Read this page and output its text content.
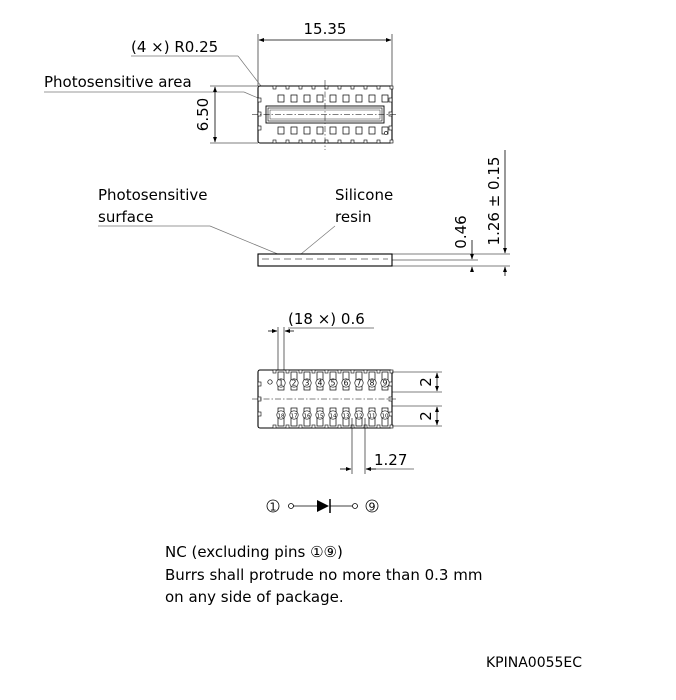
15.35
(4 ×) R0.25
Photosensitive area
6.50
Photosensitive
surface
Silicone
resin	0.46 1.26 ± 0.15
(18 ×) 0.6
1
18
2
17
3
16
4
15
5
14
6
13
7
12
8
11
9
10
2
2
1.27
1	9
NC (excluding pins ①⑨)
Burrs shall protrude no more than 0.3 mm
on any side of package.
KPINA0055EC
